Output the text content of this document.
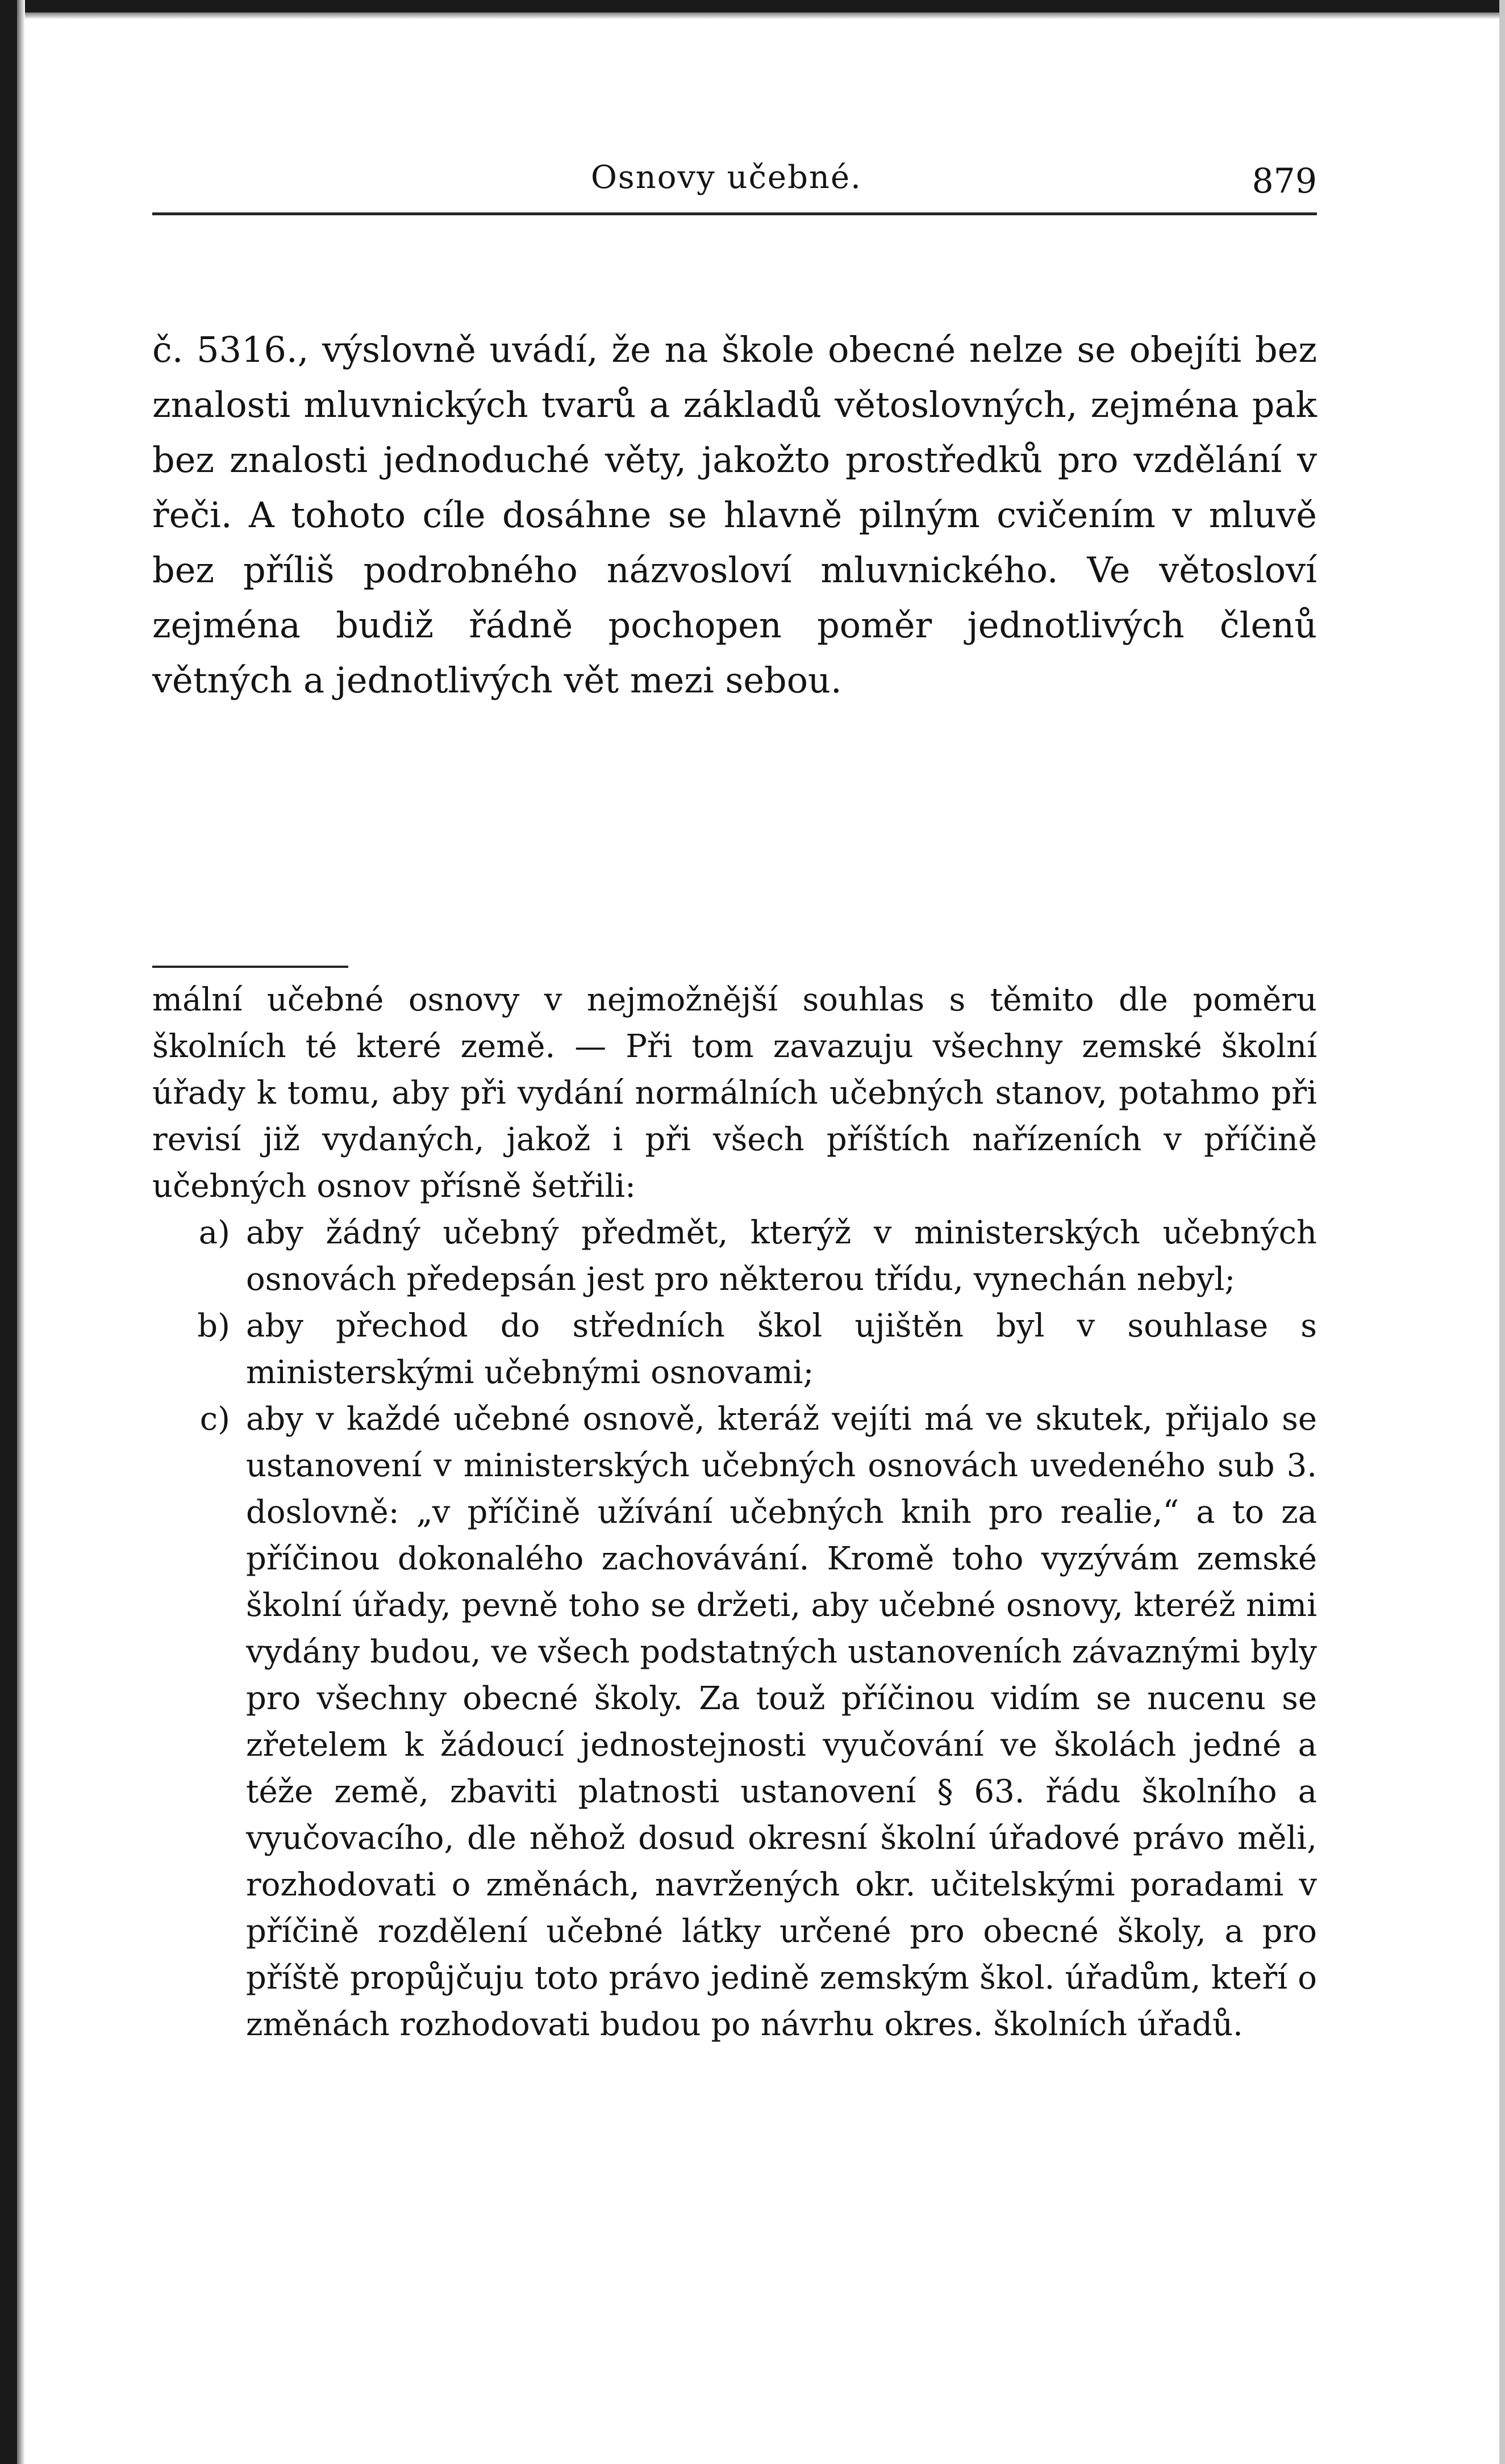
Osnovy učebné.	879

č. 5316., výslovně uvádí, že na škole obecné nelze se obejíti bez znalosti mluvnických tvarů a základů větoslovných, zejména pak bez znalosti jednoduché věty, jakožto prostředků pro vzdělání v řeči. A tohoto cíle dosáhne se hlavně pilným cvičením v mluvě bez příliš podrobného názvosloví mluvnického. Ve větosloví zejména budiž řádně pochopen poměr jednotlivých členů větných a jednotlivých vět mezi sebou.

mální učebné osnovy v nejmožnější souhlas s těmito dle poměru školních té které země. — Při tom zavazuju všechny zemské školní úřady k tomu, aby při vydání normálních učebných stanov, potahmo při revisí již vydaných, jakož i při všech příštích nařízeních v příčině učebných osnov přísně šetřili:

a) aby žádný učebný předmět, kterýž v ministerských učebných osnovách předepsán jest pro některou třídu, vynechán nebyl;
b) aby přechod do středních škol ujištěn byl v souhlase s ministerskými učebnými osnovami;
c) aby v každé učebné osnově, kteráž vejíti má ve skutek, přijalo se ustanovení v ministerských učebných osnovách uvedeného sub 3. doslovně: „v příčině užívání učebných knih pro realie,“ a to za příčinou dokonalého zachovávání. Kromě toho vyzývám zemské školní úřady, pevně toho se držeti, aby učebné osnovy, kteréž nimi vydány budou, ve všech podstatných ustanoveních závaznými byly pro všechny obecné školy. Za touž příčinou vidím se nucenu se zřetelem k žádoucí jednostejnosti vyučování ve školách jedné a téže země, zbaviti platnosti ustanovení § 63. řádu školního a vyučovacího, dle něhož dosud okresní školní úřadové právo měli, rozhodovati o změnách, navržených okr. učitelskými poradami v příčině rozdělení učebné látky určené pro obecné školy, a pro příště propůjčuju toto právo jedině zemským škol. úřadům, kteří o změnách rozhodovati budou po návrhu okres. školních úřadů.
